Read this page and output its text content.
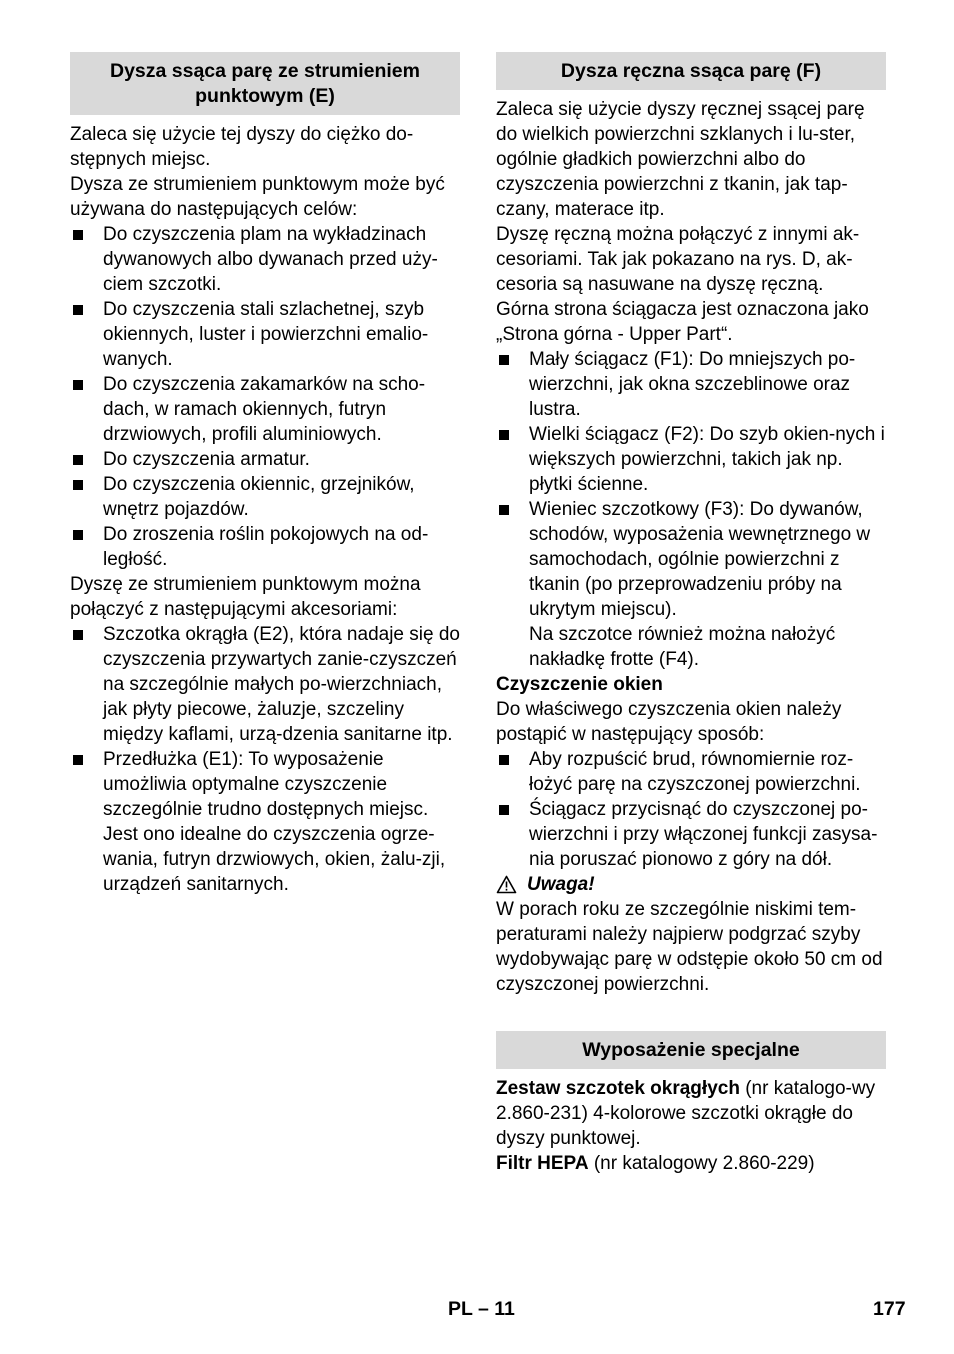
Dysza ssąca parę ze strumieniem punktowym (E)

Zaleca się użycie tej dyszy do ciężko do-stępnych miejsc.

Dysza ze strumieniem punktowym może być używana do następujących celów:

Do czyszczenia plam na wykładzinach dywanowych albo dywanach przed uży-ciem szczotki.
Do czyszczenia stali szlachetnej, szyb okiennych, luster i powierzchni emalio-wanych.
Do czyszczenia zakamarków na scho-dach, w ramach okiennych, futryn drzwiowych, profili aluminiowych.
Do czyszczenia armatur.
Do czyszczenia okiennic, grzejników, wnętrz pojazdów.
Do zroszenia roślin pokojowych na od-ległość.

Dyszę ze strumieniem punktowym można połączyć z następującymi akcesoriami:

Szczotka okrągła (E2), która nadaje się do czyszczenia przywartych zanie-czyszczeń na szczególnie małych po-wierzchniach, jak płyty piecowe, żaluzje, szczeliny między kaflami, urzą-dzenia sanitarne itp.
Przedłużka (E1): To wyposażenie umożliwia optymalne czyszczenie szczególnie trudno dostępnych miejsc. Jest ono idealne do czyszczenia ogrze-wania, futryn drzwiowych, okien, żalu-zji, urządzeń sanitarnych.
Dysza ręczna ssąca parę (F)

Zaleca się użycie dyszy ręcznej ssącej parę do wielkich powierzchni szklanych i lu-ster, ogólnie gładkich powierzchni albo do czyszczenia powierzchni z tkanin, jak tap-czany, materace itp.

Dyszę ręczną można połączyć z innymi ak-cesoriami. Tak jak pokazano na rys. D, ak-cesoria są nasuwane na dyszę ręczną.

Górna strona ściągacza jest oznaczona jako „Strona górna - Upper Part“.

Mały ściągacz (F1): Do mniejszych po-wierzchni, jak okna szczeblinowe oraz lustra.
Wielki ściągacz (F2): Do szyb okien-nych i większych powierzchni, takich jak np. płytki ścienne.
Wieniec szczotkowy (F3): Do dywanów, schodów, wyposażenia wewnętrznego w samochodach, ogólnie powierzchni z tkanin (po przeprowadzeniu próby na ukrytym miejscu).
Na szczotce również można nałożyć nakładkę frotte (F4).

Czyszczenie okien

Do właściwego czyszczenia okien należy postąpić w następujący sposób:

Aby rozpuścić brud, równomiernie roz-łożyć parę na czyszczonej powierzchni.
Ściągacz przycisnąć do czyszczonej po-wierzchni i przy włączonej funkcji zasysa-nia poruszać pionowo z góry na dół.
Uwaga!

W porach roku ze szczególnie niskimi tem-peraturami należy najpierw podgrzać szyby wydobywając parę w odstępie około 50 cm od czyszczonej powierzchni.

Wyposażenie specjalne

Zestaw szczotek okrągłych (nr katalogo-wy 2.860-231) 4-kolorowe szczotki okrągłe do dyszy punktowej.

Filtr HEPA (nr katalogowy 2.860-229)

PL – 11	177
